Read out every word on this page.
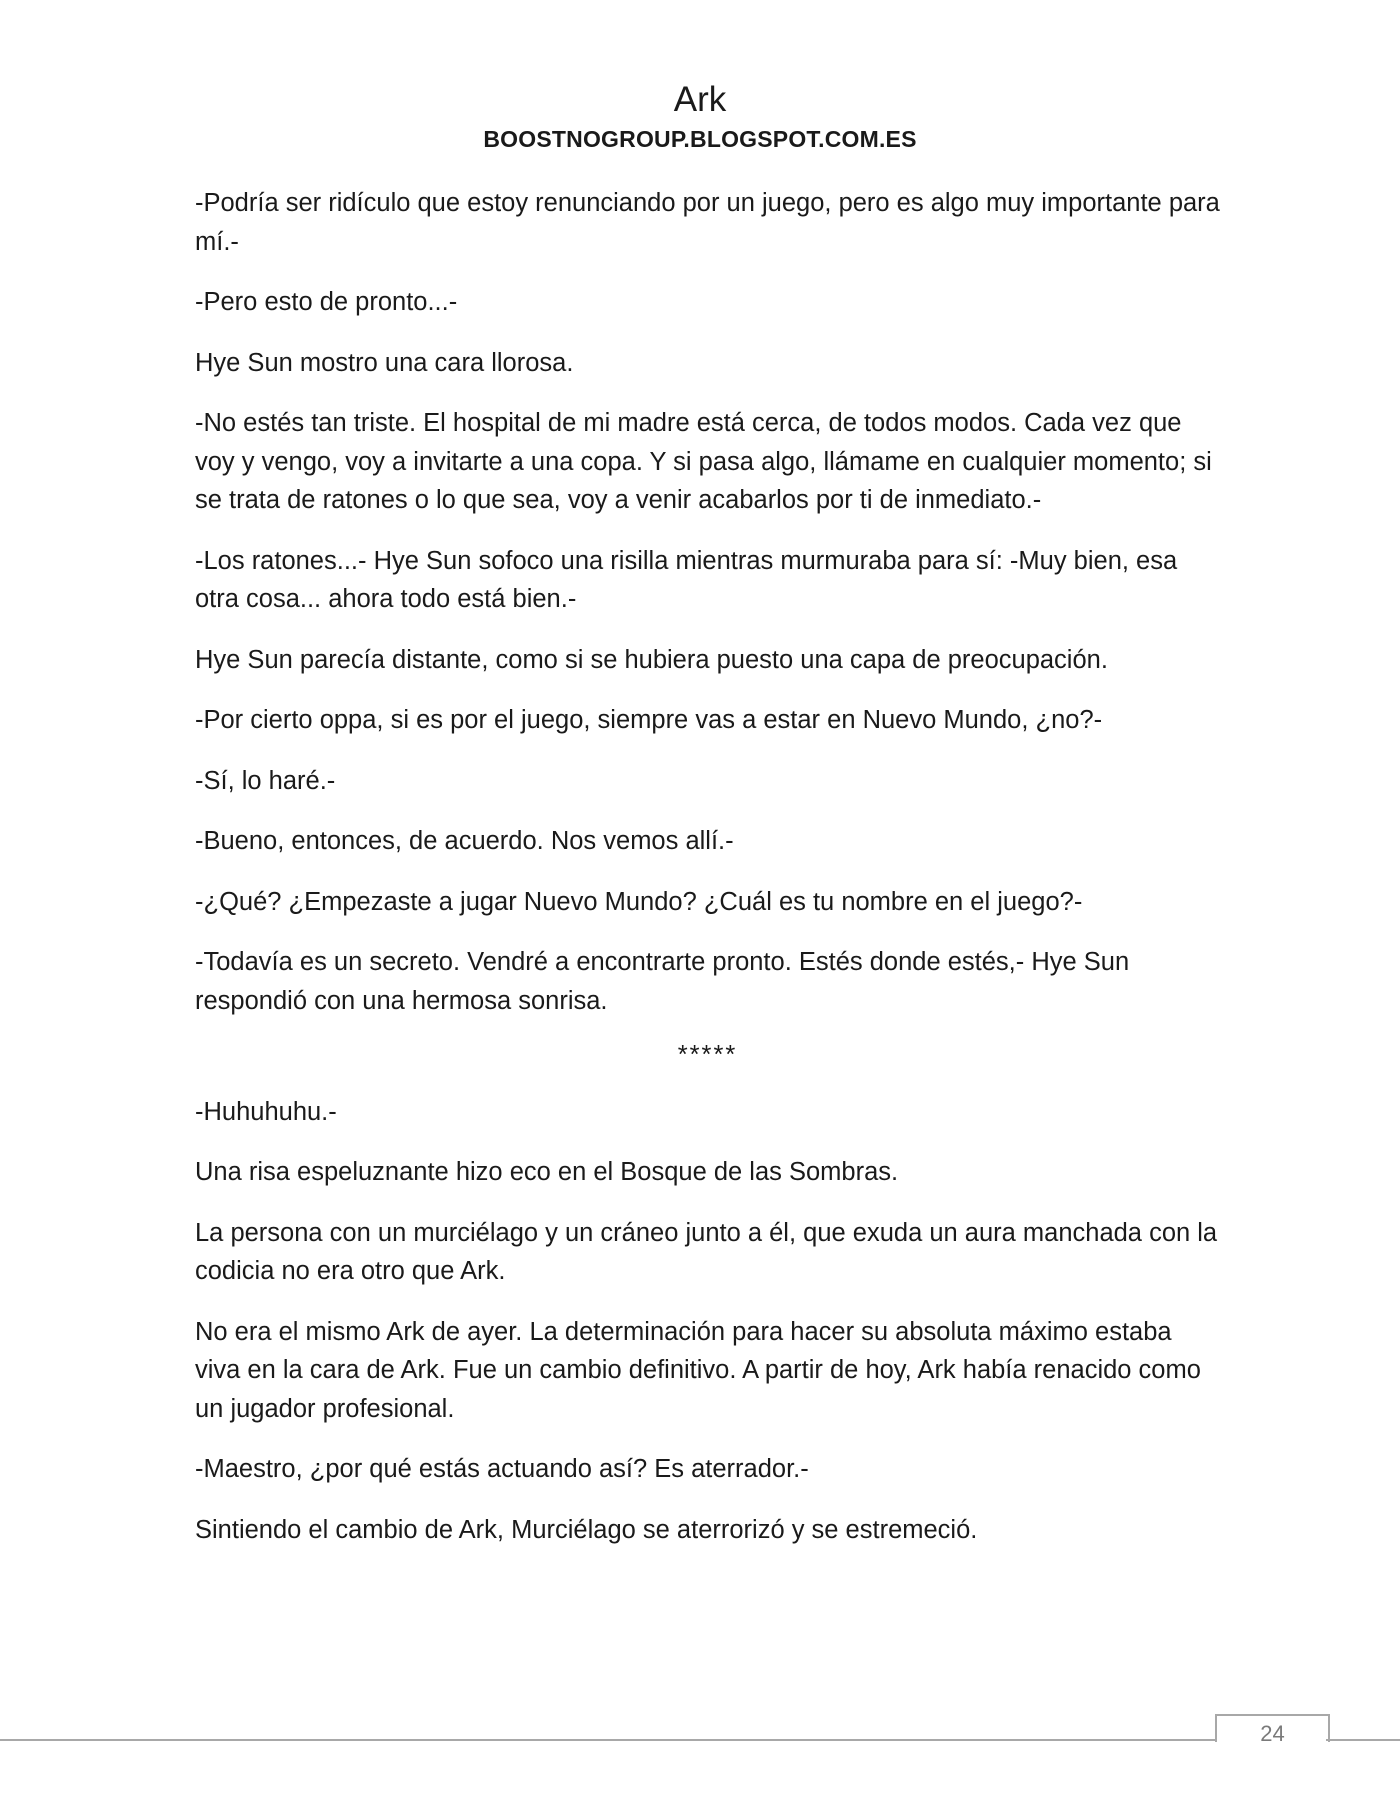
Ark
BOOSTNOGROUP.BLOGSPOT.COM.ES

-Podría ser ridículo que estoy renunciando por un juego, pero es algo muy importante para mí.-

-Pero esto de pronto...-

Hye Sun mostro una cara llorosa.

-No estés tan triste. El hospital de mi madre está cerca, de todos modos. Cada vez que voy y vengo, voy a invitarte a una copa. Y si pasa algo, llámame en cualquier momento; si se trata de ratones o lo que sea, voy a venir acabarlos por ti de inmediato.-

-Los ratones...- Hye Sun sofoco una risilla mientras murmuraba para sí: -Muy bien, esa otra cosa... ahora todo está bien.-

Hye Sun parecía distante, como si se hubiera puesto una capa de preocupación.

-Por cierto oppa, si es por el juego, siempre vas a estar en Nuevo Mundo, ¿no?-

-Sí, lo haré.-

-Bueno, entonces, de acuerdo. Nos vemos allí.-

-¿Qué? ¿Empezaste a jugar Nuevo Mundo? ¿Cuál es tu nombre en el juego?-

-Todavía es un secreto. Vendré a encontrarte pronto. Estés donde estés,- Hye Sun respondió con una hermosa sonrisa.

*****

-Huhuhuhu.-

Una risa espeluznante hizo eco en el Bosque de las Sombras.

La persona con un murciélago y un cráneo junto a él, que exuda un aura manchada con la codicia no era otro que Ark.

No era el mismo Ark de ayer. La determinación para hacer su absoluta máximo estaba viva en la cara de Ark. Fue un cambio definitivo. A partir de hoy, Ark había renacido como un jugador profesional.

-Maestro, ¿por qué estás actuando así? Es aterrador.-

Sintiendo el cambio de Ark, Murciélago se aterrorizó y se estremeció.

24
